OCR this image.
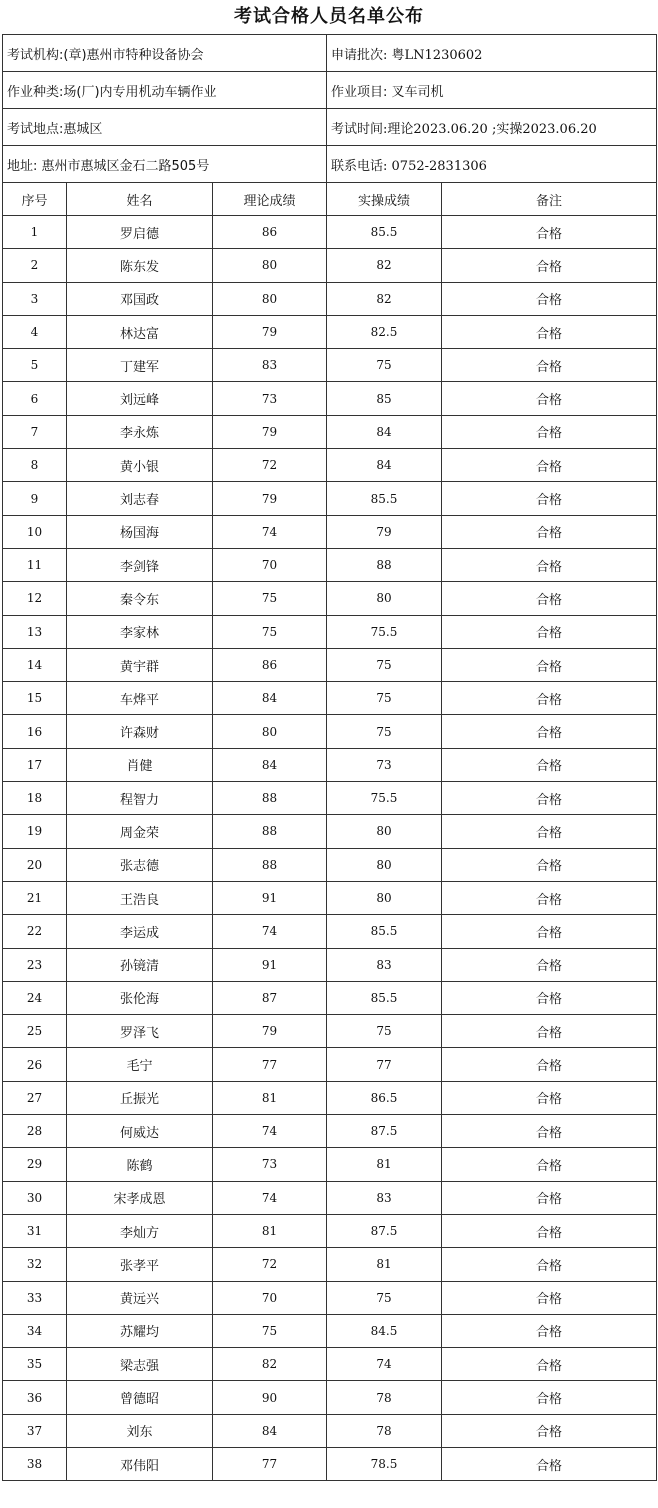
考试合格人员名单公布
考试机构:(章)惠州市特种设备协会			申请批次: 粤LN1230602	
作业种类:场(厂)内专用机动车辆作业			作业项目: 叉车司机	
考试地点:惠城区			考试时间:理论2023.06.20 ;实操2023.06.20	
地址: 惠州市惠城区金石二路505号			联系电话: 0752-2831306	
序号	姓名	理论成绩	实操成绩	备注
1	罗启德	86	85.5	合格
2	陈东发	80	82	合格
3	邓国政	80	82	合格
4	林达富	79	82.5	合格
5	丁建军	83	75	合格
6	刘远峰	73	85	合格
7	李永炼	79	84	合格
8	黄小银	72	84	合格
9	刘志春	79	85.5	合格
10	杨国海	74	79	合格
11	李剑锋	70	88	合格
12	秦令东	75	80	合格
13	李家林	75	75.5	合格
14	黄宇群	86	75	合格
15	车烨平	84	75	合格
16	许森财	80	75	合格
17	肖健	84	73	合格
18	程智力	88	75.5	合格
19	周金荣	88	80	合格
20	张志德	88	80	合格
21	王浩良	91	80	合格
22	李运成	74	85.5	合格
23	孙镜清	91	83	合格
24	张伦海	87	85.5	合格
25	罗泽飞	79	75	合格
26	毛宁	77	77	合格
27	丘振光	81	86.5	合格
28	何威达	74	87.5	合格
29	陈鹤	73	81	合格
30	宋孝成恩	74	83	合格
31	李灿方	81	87.5	合格
32	张孝平	72	81	合格
33	黄远兴	70	75	合格
34	苏耀均	75	84.5	合格
35	梁志强	82	74	合格
36	曾德昭	90	78	合格
37	刘东	84	78	合格
38	邓伟阳	77	78.5	合格
